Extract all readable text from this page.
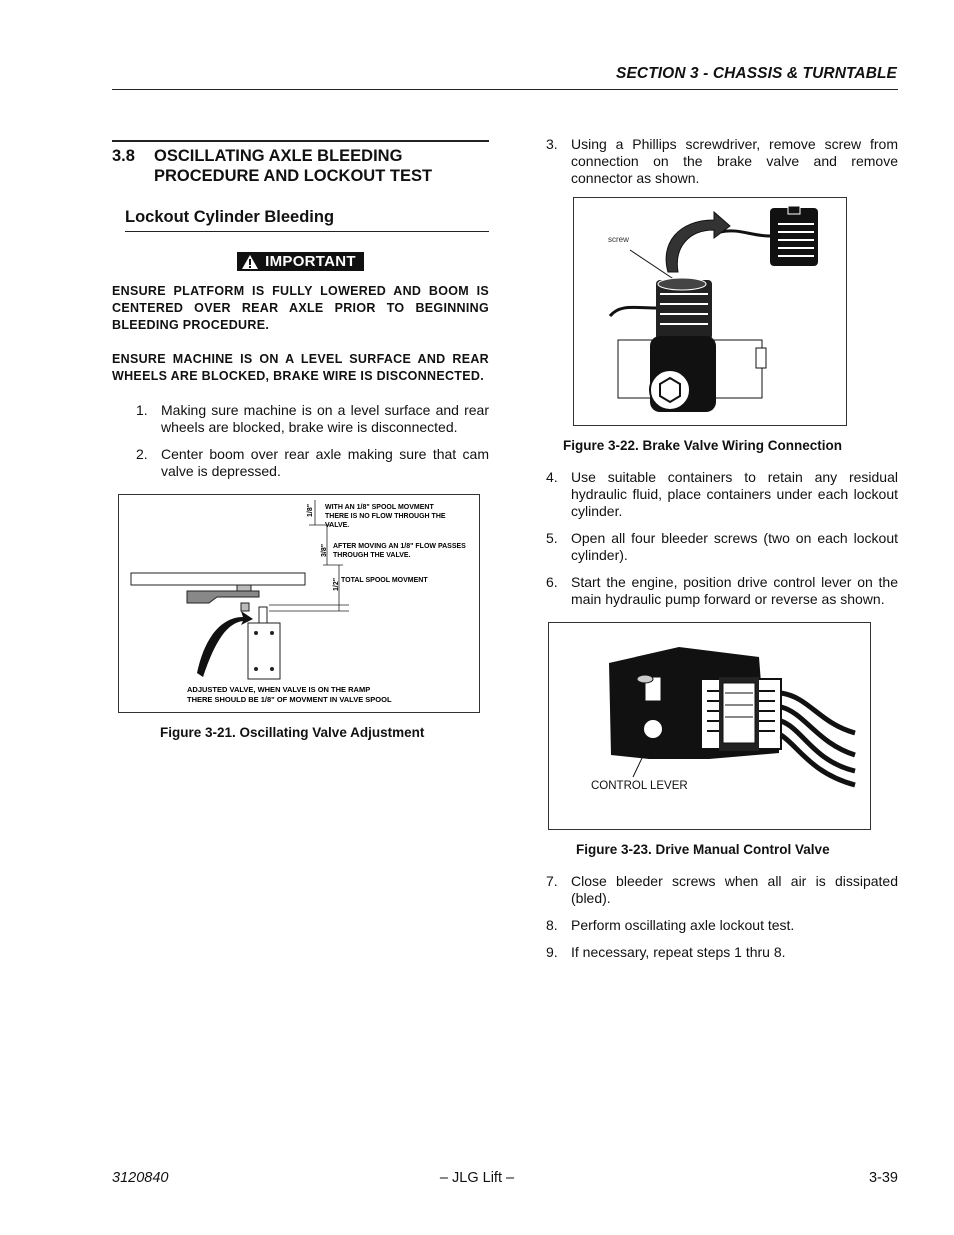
SECTION 3 - CHASSIS & TURNTABLE
3.8	OSCILLATING AXLE BLEEDING
PROCEDURE AND LOCKOUT TEST
Lockout Cylinder Bleeding
IMPORTANT

ENSURE PLATFORM IS FULLY LOWERED AND BOOM IS CENTERED OVER REAR AXLE PRIOR TO BEGINNING BLEEDING PROCEDURE.

ENSURE MACHINE IS ON A LEVEL SURFACE AND REAR WHEELS ARE BLOCKED, BRAKE WIRE IS DISCONNECTED.

1. Making sure machine is on a level surface and rear wheels are blocked, brake wire is disconnected.
2. Center boom over rear axle making sure that cam valve is depressed.
1/8"
3/8"
1/2"
WITH AN 1/8" SPOOL MOVMENT
THERE IS NO FLOW THROUGH THE
VALVE.
AFTER MOVING AN 1/8" FLOW PASSES
THROUGH THE VALVE.
TOTAL SPOOL MOVMENT
ADJUSTED VALVE, WHEN VALVE IS ON THE RAMP
THERE SHOULD BE 1/8" OF MOVMENT IN VALVE SPOOL
Figure 3-21. Oscillating Valve Adjustment
3. Using a Phillips screwdriver, remove screw from connection on the brake valve and remove connector as shown.
screw
Figure 3-22. Brake Valve Wiring Connection
4. Use suitable containers to retain any residual hydraulic fluid, place containers under each lockout cylinder.
5. Open all four bleeder screws (two on each lockout cylinder).
6. Start the engine, position drive control lever on the main hydraulic pump forward or reverse as shown.
CONTROL LEVER
Figure 3-23. Drive Manual Control Valve
7. Close bleeder screws when all air is dissipated (bled).
8. Perform oscillating axle lockout test.
9. If necessary, repeat steps 1 thru 8.
3120840	– JLG Lift –	3-39
